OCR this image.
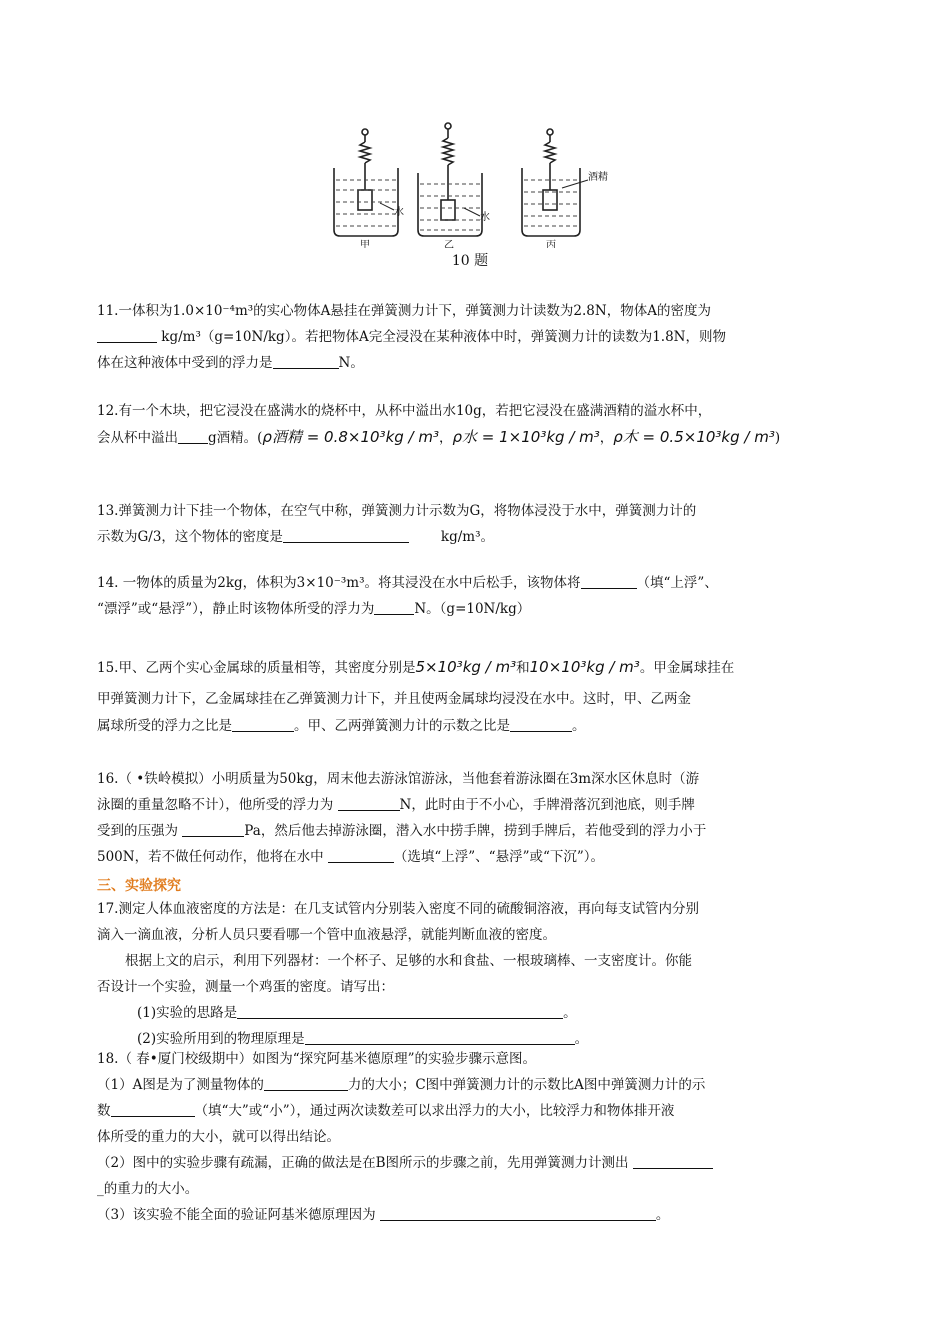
水	水
酒精
甲	乙	丙
10 题

11.一体积为1.0×10⁻⁴m³的实心物体A悬挂在弹簧测力计下，弹簧测力计读数为2.8N，物体A的密度为

kg/m³（g=10N/kg）。若把物体A完全浸没在某种液体中时，弹簧测力计的读数为1.8N，则物

体在这种液体中受到的浮力是	N。

12.有一个木块，把它浸没在盛满水的烧杯中，从杯中溢出水10g，若把它浸没在盛满酒精的溢水杯中，

会从杯中溢出 g酒精。(ρ酒精 = 0.8×10³kg / m³，ρ水 = 1×10³kg / m³，ρ木 = 0.5×10³kg / m³)

13.弹簧测力计下挂一个物体，在空气中称，弹簧测力计示数为G，将物体浸没于水中，弹簧测力计的

示数为G/3，这个物体的密度是	kg/m³。

14. 一物体的质量为2kg，体积为3×10⁻³m³。将其浸没在水中后松手，该物体将	（填“上浮”、

“漂浮”或“悬浮”），静止时该物体所受的浮力为	N。（g=10N/kg）

15.甲、乙两个实心金属球的质量相等，其密度分别是5×10³kg / m³和10×10³kg / m³。甲金属球挂在

甲弹簧测力计下，乙金属球挂在乙弹簧测力计下，并且使两金属球均浸没在水中。这时，甲、乙两金

属球所受的浮力之比是	。甲、乙两弹簧测力计的示数之比是	。

16.（ •铁岭模拟）小明质量为50kg，周末他去游泳馆游泳，当他套着游泳圈在3m深水区休息时（游

泳圈的重量忽略不计），他所受的浮力为	N，此时由于不小心，手牌滑落沉到池底，则手牌

受到的压强为	Pa，然后他去掉游泳圈，潜入水中捞手牌，捞到手牌后，若他受到的浮力小于

500N，若不做任何动作，他将在水中	（选填“上浮”、“悬浮”或“下沉”）。

三、实验探究

17.测定人体血液密度的方法是：在几支试管内分别装入密度不同的硫酸铜溶液，再向每支试管内分别

滴入一滴血液，分析人员只要看哪一个管中血液悬浮，就能判断血液的密度。

根据上文的启示，利用下列器材：一个杯子、足够的水和食盐、一根玻璃棒、一支密度计。你能

否设计一个实验，测量一个鸡蛋的密度。请写出：

(1)实验的思路是	。

(2)实验所用到的物理原理是	。

18.（ 春•厦门校级期中）如图为“探究阿基米德原理”的实验步骤示意图。

（1）A图是为了测量物体的	力的大小；C图中弹簧测力计的示数比A图中弹簧测力计的示

数	（填“大”或“小”），通过两次读数差可以求出浮力的大小，比较浮力和物体排开液

体所受的重力的大小，就可以得出结论。

（2）图中的实验步骤有疏漏，正确的做法是在B图所示的步骤之前，先用弹簧测力计测出

_的重力的大小。

（3）该实验不能全面的验证阿基米德原理因为	。
